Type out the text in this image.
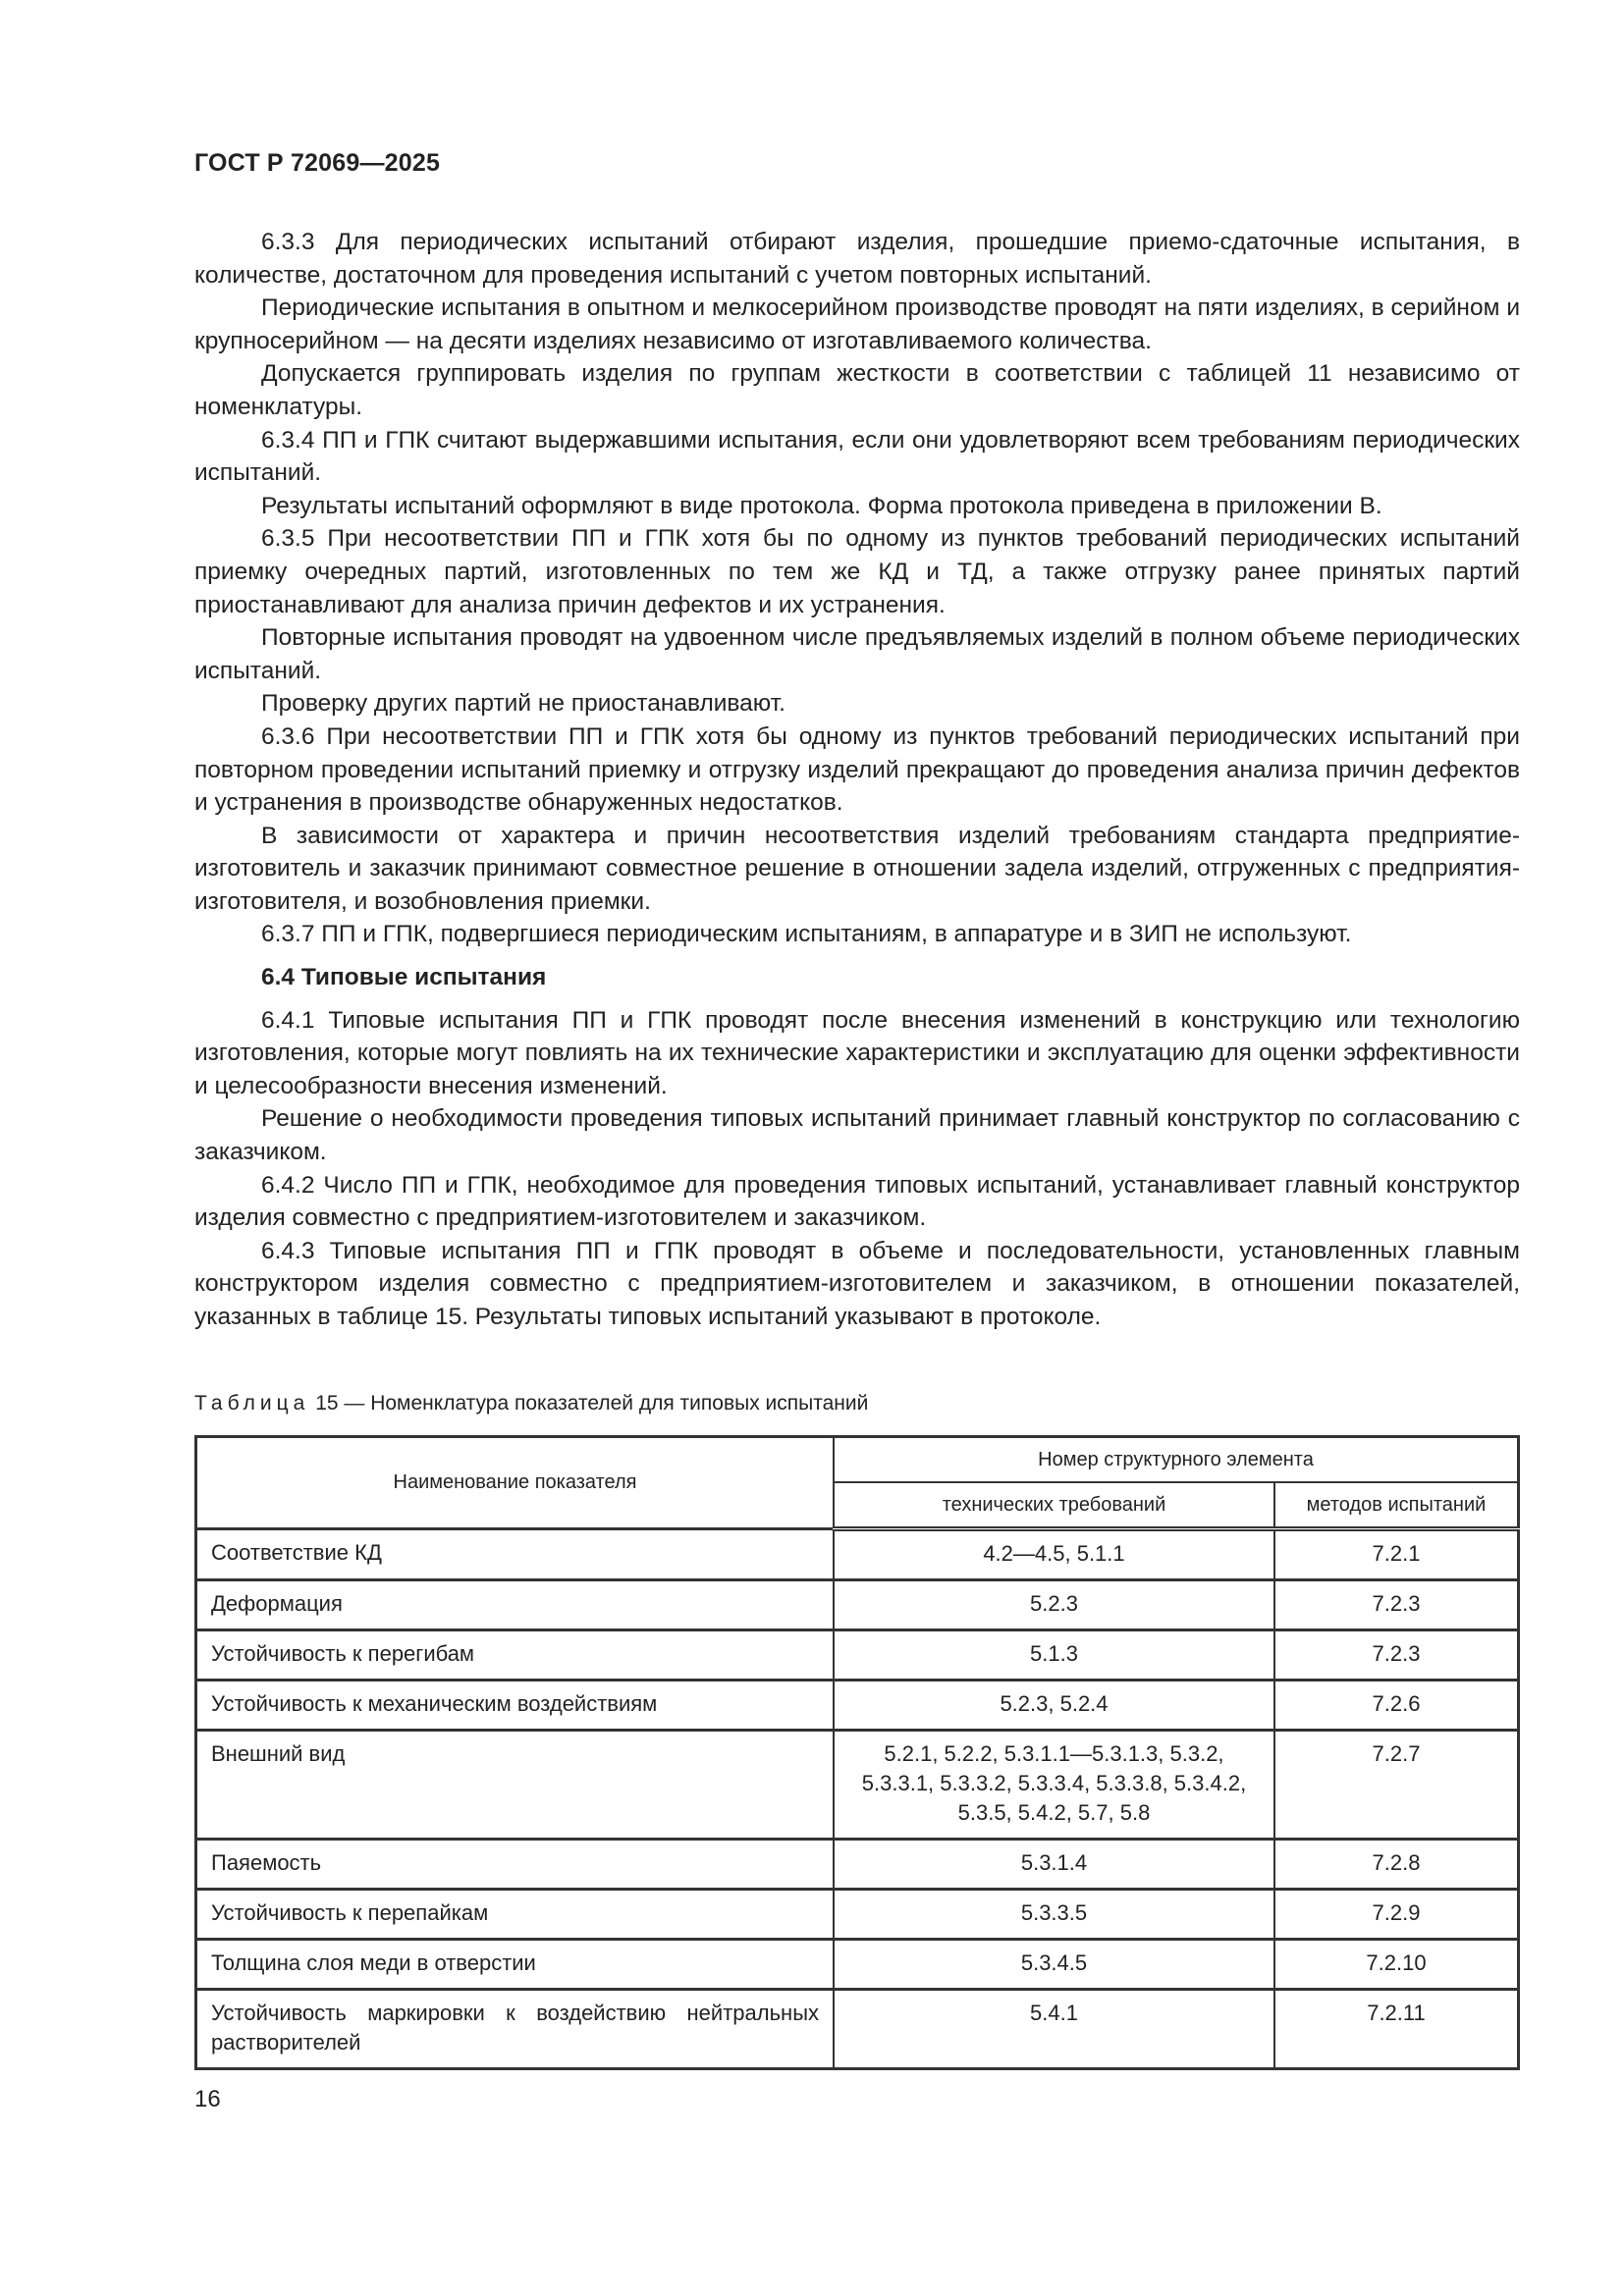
ГОСТ Р 72069—2025

6.3.3 Для периодических испытаний отбирают изделия, прошедшие приемо-сдаточные испытания, в количестве, достаточном для проведения испытаний с учетом повторных испытаний.

Периодические испытания в опытном и мелкосерийном производстве проводят на пяти изделиях, в серийном и крупносерийном — на десяти изделиях независимо от изготавливаемого количества.

Допускается группировать изделия по группам жесткости в соответствии с таблицей 11 независимо от номенклатуры.

6.3.4 ПП и ГПК считают выдержавшими испытания, если они удовлетворяют всем требованиям периодических испытаний.

Результаты испытаний оформляют в виде протокола. Форма протокола приведена в приложении В.

6.3.5 При несоответствии ПП и ГПК хотя бы по одному из пунктов требований периодических испытаний приемку очередных партий, изготовленных по тем же КД и ТД, а также отгрузку ранее принятых партий приостанавливают для анализа причин дефектов и их устранения.

Повторные испытания проводят на удвоенном числе предъявляемых изделий в полном объеме периодических испытаний.

Проверку других партий не приостанавливают.

6.3.6 При несоответствии ПП и ГПК хотя бы одному из пунктов требований периодических испытаний при повторном проведении испытаний приемку и отгрузку изделий прекращают до проведения анализа причин дефектов и устранения в производстве обнаруженных недостатков.

В зависимости от характера и причин несоответствия изделий требованиям стандарта предприятие-изготовитель и заказчик принимают совместное решение в отношении задела изделий, отгруженных с предприятия-изготовителя, и возобновления приемки.

6.3.7 ПП и ГПК, подвергшиеся периодическим испытаниям, в аппаратуре и в ЗИП не используют.

6.4 Типовые испытания

6.4.1 Типовые испытания ПП и ГПК проводят после внесения изменений в конструкцию или технологию изготовления, которые могут повлиять на их технические характеристики и эксплуатацию для оценки эффективности и целесообразности внесения изменений.

Решение о необходимости проведения типовых испытаний принимает главный конструктор по согласованию с заказчиком.

6.4.2 Число ПП и ГПК, необходимое для проведения типовых испытаний, устанавливает главный конструктор изделия совместно с предприятием-изготовителем и заказчиком.

6.4.3 Типовые испытания ПП и ГПК проводят в объеме и последовательности, установленных главным конструктором изделия совместно с предприятием-изготовителем и заказчиком, в отношении показателей, указанных в таблице 15. Результаты типовых испытаний указывают в протоколе.

Таблица 15 — Номенклатура показателей для типовых испытаний
Наименование показателя	Номер структурного элемента	
	технических требований	методов испытаний
Соответствие КД	4.2—4.5, 5.1.1	7.2.1
Деформация	5.2.3	7.2.3
Устойчивость к перегибам	5.1.3	7.2.3
Устойчивость к механическим воздействиям	5.2.3, 5.2.4	7.2.6
Внешний вид	5.2.1, 5.2.2, 5.3.1.1—5.3.1.3, 5.3.2, 5.3.3.1, 5.3.3.2, 5.3.3.4, 5.3.3.8, 5.3.4.2, 5.3.5, 5.4.2, 5.7, 5.8	7.2.7
Паяемость	5.3.1.4	7.2.8
Устойчивость к перепайкам	5.3.3.5	7.2.9
Толщина слоя меди в отверстии	5.3.4.5	7.2.10
Устойчивость маркировки к воздействию нейтральных растворителей	5.4.1	7.2.11
16
